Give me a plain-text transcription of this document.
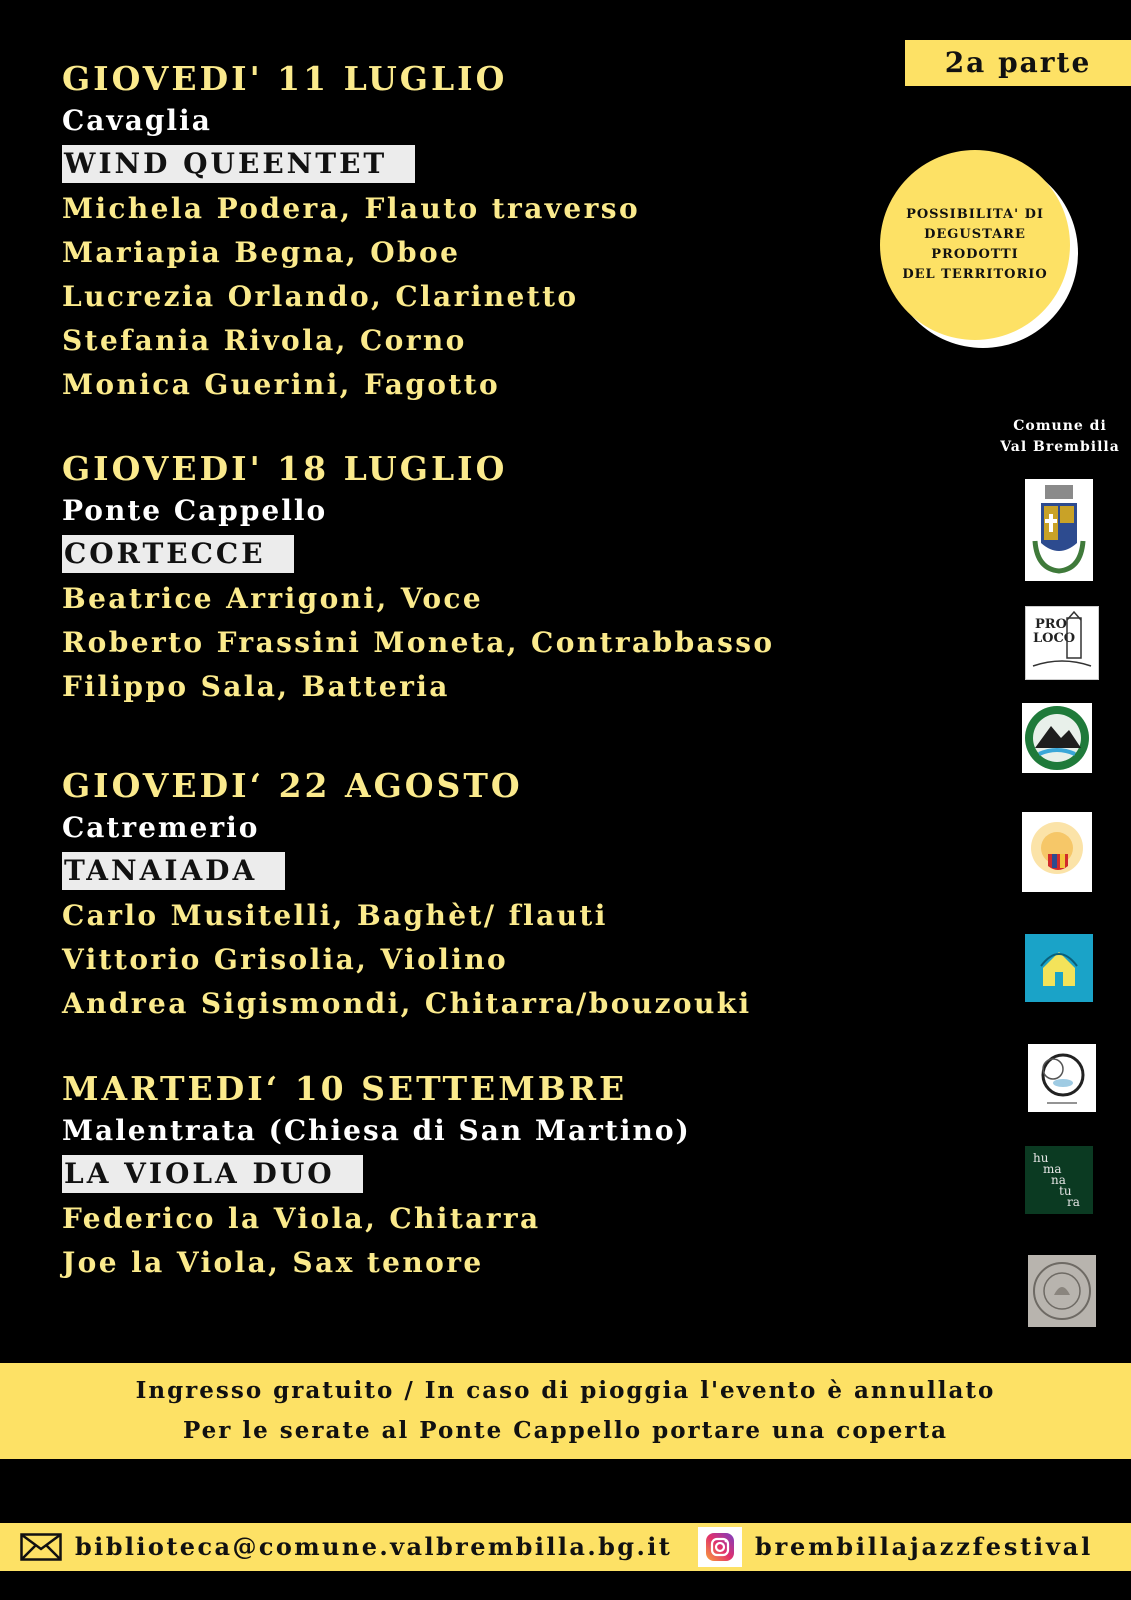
GIOVEDI' 11 LUGLIO
Cavaglia
WIND QUEENTET
Michela Podera, Flauto traverso
Mariapia Begna, Oboe
Lucrezia Orlando, Clarinetto
Stefania Rivola, Corno
Monica Guerini, Fagotto
GIOVEDI' 18 LUGLIO
Ponte Cappello
CORTECCE
Beatrice Arrigoni, Voce
Roberto Frassini Moneta, Contrabbasso
Filippo Sala, Batteria
GIOVEDI‘ 22 AGOSTO
Catremerio
TANAIADA
Carlo Musitelli, Baghèt/ flauti
Vittorio Grisolia, Violino
Andrea Sigismondi, Chitarra/bouzouki
MARTEDI‘ 10 SETTEMBRE
Malentrata (Chiesa di San Martino)
LA VIOLA DUO
Federico la Viola, Chitarra
Joe la Viola, Sax tenore
2a parte
POSSIBILITA' DI
DEGUSTARE
PRODOTTI
DEL TERRITORIO
Comune di
Val Brembilla
PRO
LOCO
hu
ma
na
tu
ra
Ingresso gratuito / In caso di pioggia l'evento è annullato
Per le serate al Ponte Cappello portare una coperta
biblioteca@comune.valbrembilla.bg.it	brembillajazzfestival
